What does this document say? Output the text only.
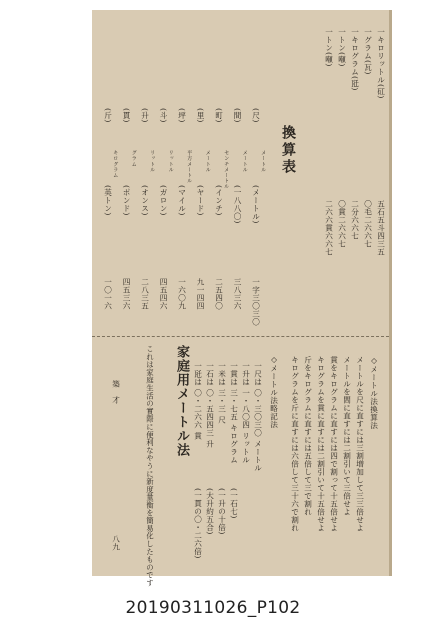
一キロリットル(矼)
五石五斗四三五
一グラム(瓦)
〇毛二六六七
一キログラム(瓩)
二分六六七
一トン(噸)
〇貫二六六七
一トン(噸)
二六六貫六六七
換算表
(尺)
メートル
(メートル)
一字三〇三〇
(間)
メートル
(一八八〇)
三八三六
(町)
センチメートル
(インチ)
二五四〇
(里)
メートル
(ヤード)
九一四四
(坪)
平方メートル
(マイル)
一六〇九
(斗)
リットル
(ガロン)
四五四六
(升)
リットル
(オンス)
二八三五
(貫)
グラム
(ポンド)
四五三六
(斤)
キログラム
(英トン)
一〇一六
◇メートル法換算法
メートルを尺に直すには三割増加して三三倍せよ
メートルを間に直すには二割引いて三倍せよ
貫をキログラムに直すには四で割って十五倍せよ
キログラムを貫に直すには二割引いて十五倍せよ
斤をキログラムに直すには五倍して三で割れ
キログラムを斤に直すには六倍して三十六で割れ
◇メートル法略記法
一尺は 〇・三〇三〇 メートル
一升は 一・八〇四 リットル
一貫は 三・七五 キログラム
一米は 三・三 尺
一石は 〇・五四四三 升
一瓩は 〇・二六六 貫
(一石七)
(一升の十倍)
(大升約五合)
(一貫の〇・二六倍)
家庭用メートル法
これは家庭生活の實際に便利なやうに新度量衡を簡易化したものです
築　才
八九
20190311026_P102
